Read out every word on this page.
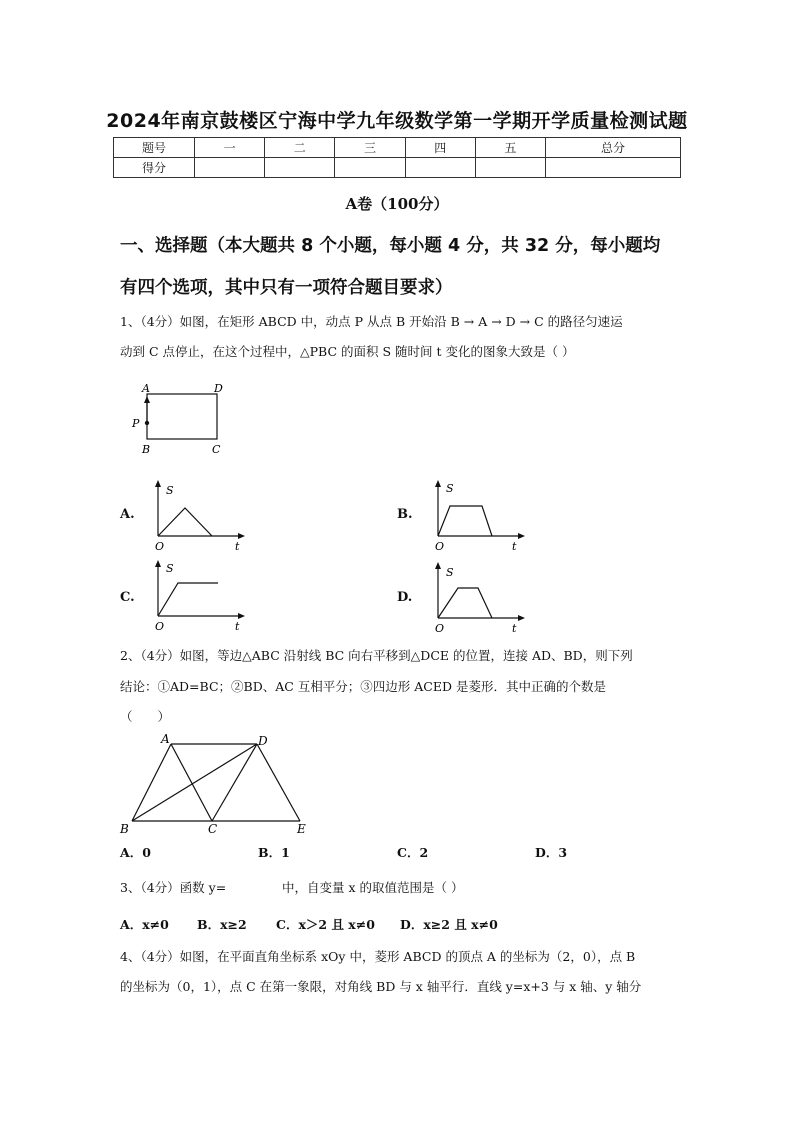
2024年南京鼓楼区宁海中学九年级数学第一学期开学质量检测试题
题号	一	二	三	四	五	总分
得分						
A卷（100分）
一、选择题（本大题共 8 个小题，每小题 4 分，共 32 分，每小题均
有四个选项，其中只有一项符合题目要求）
1、（4分）如图，在矩形 ABCD 中，动点 P 从点 B 开始沿 B → A → D → C 的路径匀速运
动到 C 点停止，在这个过程中，△PBC 的面积 S 随时间 t 变化的图象大致是（ ）
A	D
P
B	C
A.
S
O	t
B.
S
O	t
C.
S
O	t
D.
S
O	t
2、（4分）如图，等边△ABC 沿射线 BC 向右平移到△DCE 的位置，连接 AD、BD，则下列
结论：①AD=BC；②BD、AC 互相平分；③四边形 ACED 是菱形．其中正确的个数是
（　　）
A	D
B	C	E
A．0	B．1	C．2	D．3
3、（4分）函数 y=	中，自变量 x 的取值范围是（ ）
A．x≠0	B．x≥2	C．x＞2 且 x≠0	D．x≥2 且 x≠0
4、（4分）如图，在平面直角坐标系 xOy 中，菱形 ABCD 的顶点 A 的坐标为（2，0），点 B
的坐标为（0，1），点 C 在第一象限，对角线 BD 与 x 轴平行．直线 y=x+3 与 x 轴、y 轴分
